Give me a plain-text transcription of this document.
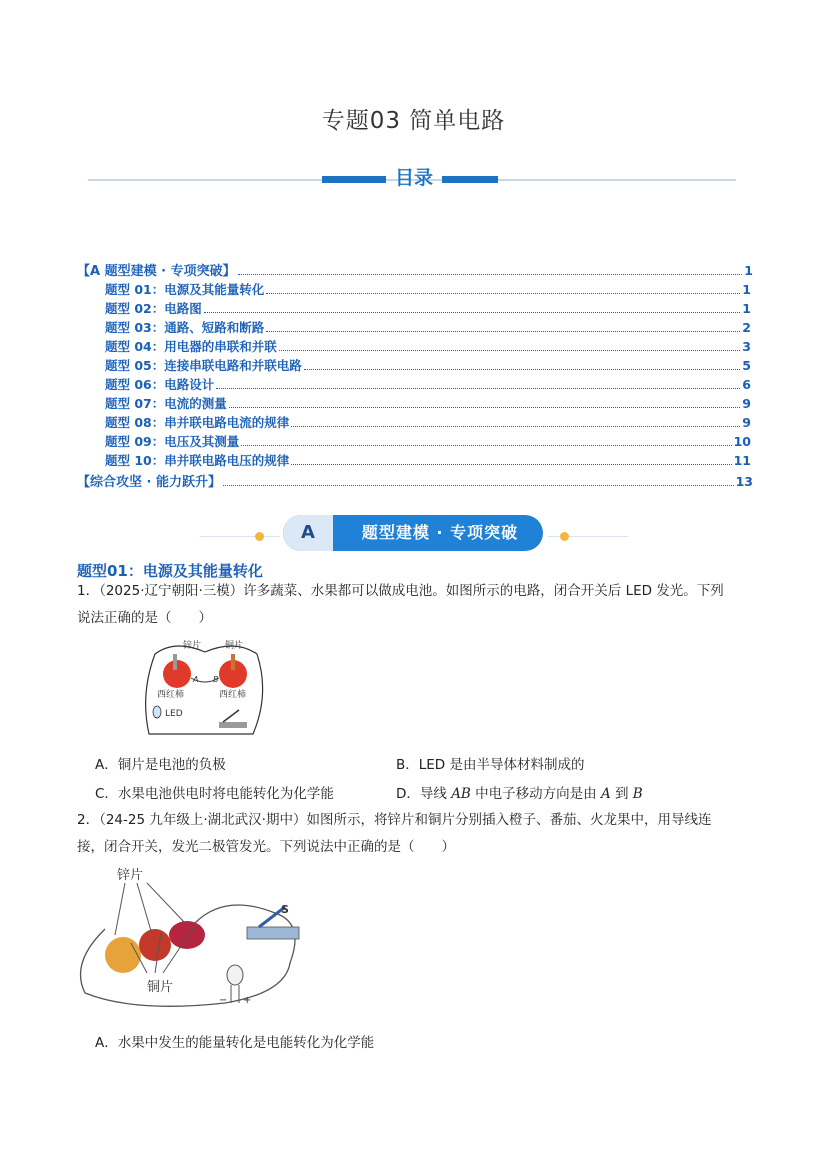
专题03 简单电路
目录
【A 题型建模 · 专项突破】	1
题型 01：电源及其能量转化	1
题型 02：电路图	1
题型 03：通路、短路和断路	2
题型 04：用电器的串联和并联	3
题型 05：连接串联电路和并联电路	5
题型 06：电路设计	6
题型 07：电流的测量	9
题型 08：串并联电路电流的规律	9
题型 09：电压及其测量	10
题型 10：串并联电路电压的规律	11
【综合攻坚 · 能力跃升】	13
A	题型建模 · 专项突破
题型01：电源及其能量转化
1．（2025·辽宁朝阳·三模）许多蔬菜、水果都可以做成电池。如图所示的电路，闭合开关后 LED 发光。下列
说法正确的是（　　）
锌片	铜片
西红柿	西红柿
A B
LED
A．铜片是电池的负极	B．LED 是由半导体材料制成的
C．水果电池供电时将电能转化为化学能	D．导线 AB 中电子移动方向是由 A 到 B
2．（24-25 九年级上·湖北武汉·期中）如图所示，将锌片和铜片分别插入橙子、番茄、火龙果中，用导线连
接，闭合开关，发光二极管发光。下列说法中正确的是（　　）
S
− +
锌片
铜片
A．水果中发生的能量转化是电能转化为化学能
